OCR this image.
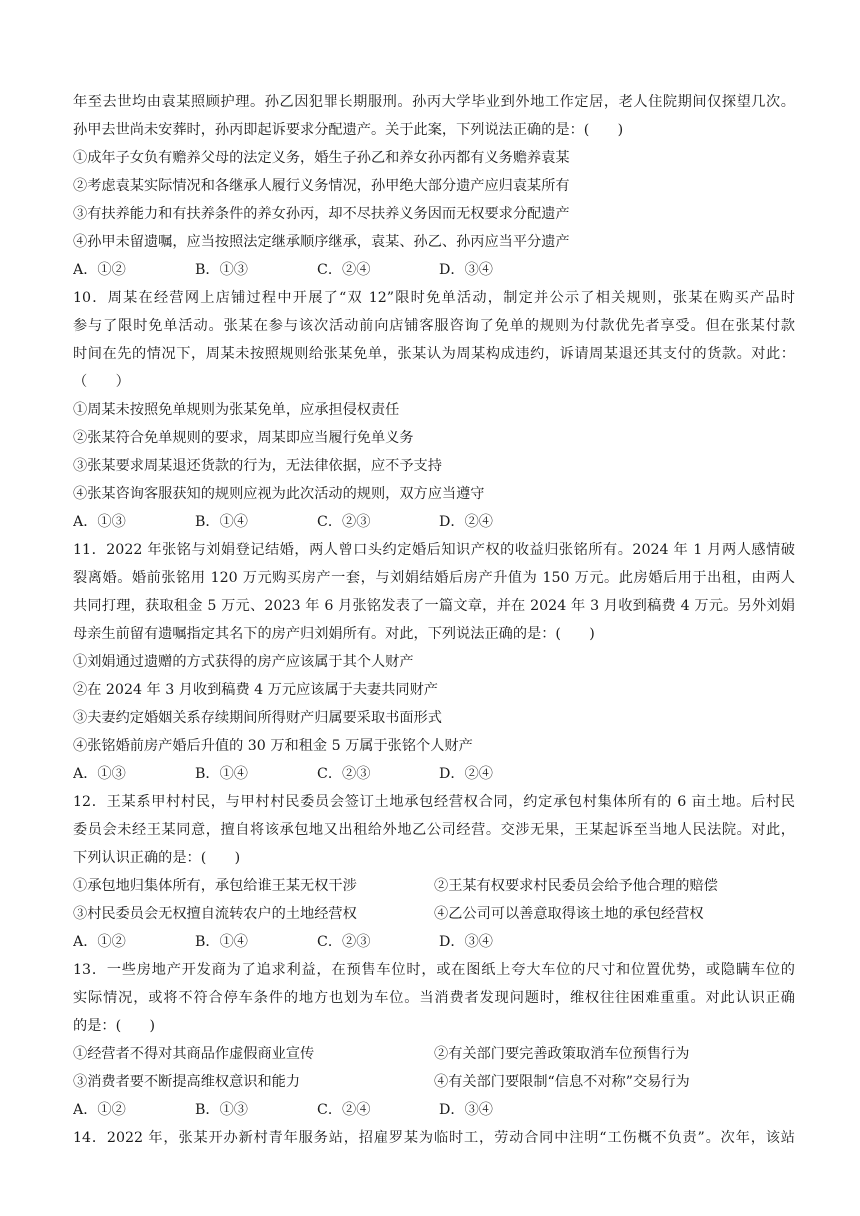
年至去世均由袁某照顾护理。孙乙因犯罪长期服刑。孙丙大学毕业到外地工作定居，老人住院期间仅探望几次。
孙甲去世尚未安葬时，孙丙即起诉要求分配遗产。关于此案，下列说法正确的是：(　　)
①成年子女负有赡养父母的法定义务，婚生子孙乙和养女孙丙都有义务赡养袁某
②考虑袁某实际情况和各继承人履行义务情况，孙甲绝大部分遗产应归袁某所有
③有扶养能力和有扶养条件的养女孙丙，却不尽扶养义务因而无权要求分配遗产
④孙甲未留遗嘱，应当按照法定继承顺序继承，袁某、孙乙、孙丙应当平分遗产
A．①②	B．①③	C．②④	D．③④
10．周某在经营网上店铺过程中开展了“双 12”限时免单活动，制定并公示了相关规则，张某在购买产品时
参与了限时免单活动。张某在参与该次活动前向店铺客服咨询了免单的规则为付款优先者享受。但在张某付款
时间在先的情况下，周某未按照规则给张某免单，张某认为周某构成违约，诉请周某退还其支付的货款。对此：
（　　）
①周某未按照免单规则为张某免单，应承担侵权责任
②张某符合免单规则的要求，周某即应当履行免单义务
③张某要求周某退还货款的行为，无法律依据，应不予支持
④张某咨询客服获知的规则应视为此次活动的规则，双方应当遵守
A．①③	B．①④	C．②③	D．②④
11．2022 年张铭与刘娟登记结婚，两人曾口头约定婚后知识产权的收益归张铭所有。2024 年 1 月两人感情破
裂离婚。婚前张铭用 120 万元购买房产一套，与刘娟结婚后房产升值为 150 万元。此房婚后用于出租，由两人
共同打理，获取租金 5 万元、2023 年 6 月张铭发表了一篇文章，并在 2024 年 3 月收到稿费 4 万元。另外刘娟
母亲生前留有遗嘱指定其名下的房产归刘娟所有。对此，下列说法正确的是：(　　)
①刘娟通过遗赠的方式获得的房产应该属于其个人财产
②在 2024 年 3 月收到稿费 4 万元应该属于夫妻共同财产
③夫妻约定婚姻关系存续期间所得财产归属要采取书面形式
④张铭婚前房产婚后升值的 30 万和租金 5 万属于张铭个人财产
A．①③	B．①④	C．②③	D．②④
12．王某系甲村村民，与甲村村民委员会签订土地承包经营权合同，约定承包村集体所有的 6 亩土地。后村民
委员会未经王某同意，擅自将该承包地又出租给外地乙公司经营。交涉无果，王某起诉至当地人民法院。对此，
下列认识正确的是：(　　)
①承包地归集体所有，承包给谁王某无权干涉	②王某有权要求村民委员会给予他合理的赔偿
③村民委员会无权擅自流转农户的土地经营权	④乙公司可以善意取得该土地的承包经营权
A．①②	B．①④	C．②③	D．③④
13．一些房地产开发商为了追求利益，在预售车位时，或在图纸上夸大车位的尺寸和位置优势，或隐瞒车位的
实际情况，或将不符合停车条件的地方也划为车位。当消费者发现问题时，维权往往困难重重。对此认识正确
的是：(　　)
①经营者不得对其商品作虚假商业宣传	②有关部门要完善政策取消车位预售行为
③消费者要不断提高维权意识和能力	④有关部门要限制“信息不对称”交易行为
A．①②	B．①③	C．②④	D．③④
14．2022 年，张某开办新村青年服务站，招雇罗某为临时工，劳动合同中注明“工伤概不负责”。次年，该站
